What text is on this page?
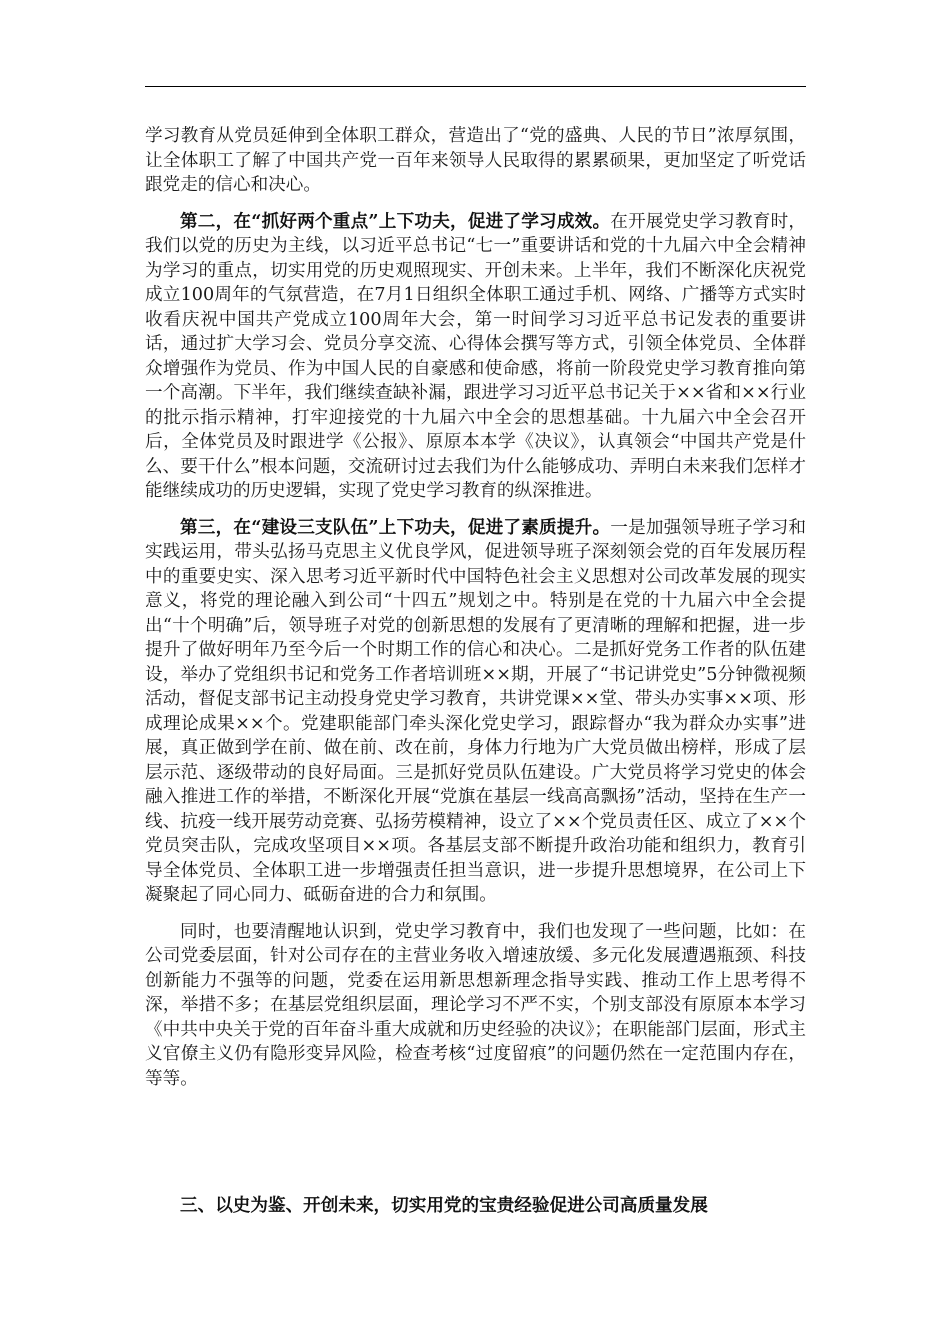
学习教育从党员延伸到全体职工群众，营造出了“党的盛典、人民的节日”浓厚氛围，让全体职工了解了中国共产党一百年来领导人民取得的累累硕果，更加坚定了听党话跟党走的信心和决心。

第二，在“抓好两个重点”上下功夫，促进了学习成效。在开展党史学习教育时，我们以党的历史为主线，以习近平总书记“七一”重要讲话和党的十九届六中全会精神为学习的重点，切实用党的历史观照现实、开创未来。上半年，我们不断深化庆祝党成立100周年的气氛营造，在7月1日组织全体职工通过手机、网络、广播等方式实时收看庆祝中国共产党成立100周年大会，第一时间学习习近平总书记发表的重要讲话，通过扩大学习会、党员分享交流、心得体会撰写等方式，引领全体党员、全体群众增强作为党员、作为中国人民的自豪感和使命感，将前一阶段党史学习教育推向第一个高潮。下半年，我们继续查缺补漏，跟进学习习近平总书记关于××省和××行业的批示指示精神，打牢迎接党的十九届六中全会的思想基础。十九届六中全会召开后，全体党员及时跟进学《公报》、原原本本学《决议》，认真领会“中国共产党是什么、要干什么”根本问题，交流研讨过去我们为什么能够成功、弄明白未来我们怎样才能继续成功的历史逻辑，实现了党史学习教育的纵深推进。

第三，在“建设三支队伍”上下功夫，促进了素质提升。一是加强领导班子学习和实践运用，带头弘扬马克思主义优良学风，促进领导班子深刻领会党的百年发展历程中的重要史实、深入思考习近平新时代中国特色社会主义思想对公司改革发展的现实意义，将党的理论融入到公司“十四五”规划之中。特别是在党的十九届六中全会提出“十个明确”后，领导班子对党的创新思想的发展有了更清晰的理解和把握，进一步提升了做好明年乃至今后一个时期工作的信心和决心。二是抓好党务工作者的队伍建设，举办了党组织书记和党务工作者培训班××期，开展了“书记讲党史”5分钟微视频活动，督促支部书记主动投身党史学习教育，共讲党课××堂、带头办实事××项、形成理论成果××个。党建职能部门牵头深化党史学习，跟踪督办“我为群众办实事”进展，真正做到学在前、做在前、改在前，身体力行地为广大党员做出榜样，形成了层层示范、逐级带动的良好局面。三是抓好党员队伍建设。广大党员将学习党史的体会融入推进工作的举措，不断深化开展“党旗在基层一线高高飘扬”活动，坚持在生产一线、抗疫一线开展劳动竞赛、弘扬劳模精神，设立了××个党员责任区、成立了××个党员突击队，完成攻坚项目××项。各基层支部不断提升政治功能和组织力，教育引导全体党员、全体职工进一步增强责任担当意识，进一步提升思想境界，在公司上下凝聚起了同心同力、砥砺奋进的合力和氛围。

同时，也要清醒地认识到，党史学习教育中，我们也发现了一些问题，比如：在公司党委层面，针对公司存在的主营业务收入增速放缓、多元化发展遭遇瓶颈、科技创新能力不强等的问题，党委在运用新思想新理念指导实践、推动工作上思考得不深，举措不多；在基层党组织层面，理论学习不严不实，个别支部没有原原本本学习《中共中央关于党的百年奋斗重大成就和历史经验的决议》；在职能部门层面，形式主义官僚主义仍有隐形变异风险，检查考核“过度留痕”的问题仍然在一定范围内存在，等等。

三、以史为鉴、开创未来，切实用党的宝贵经验促进公司高质量发展
